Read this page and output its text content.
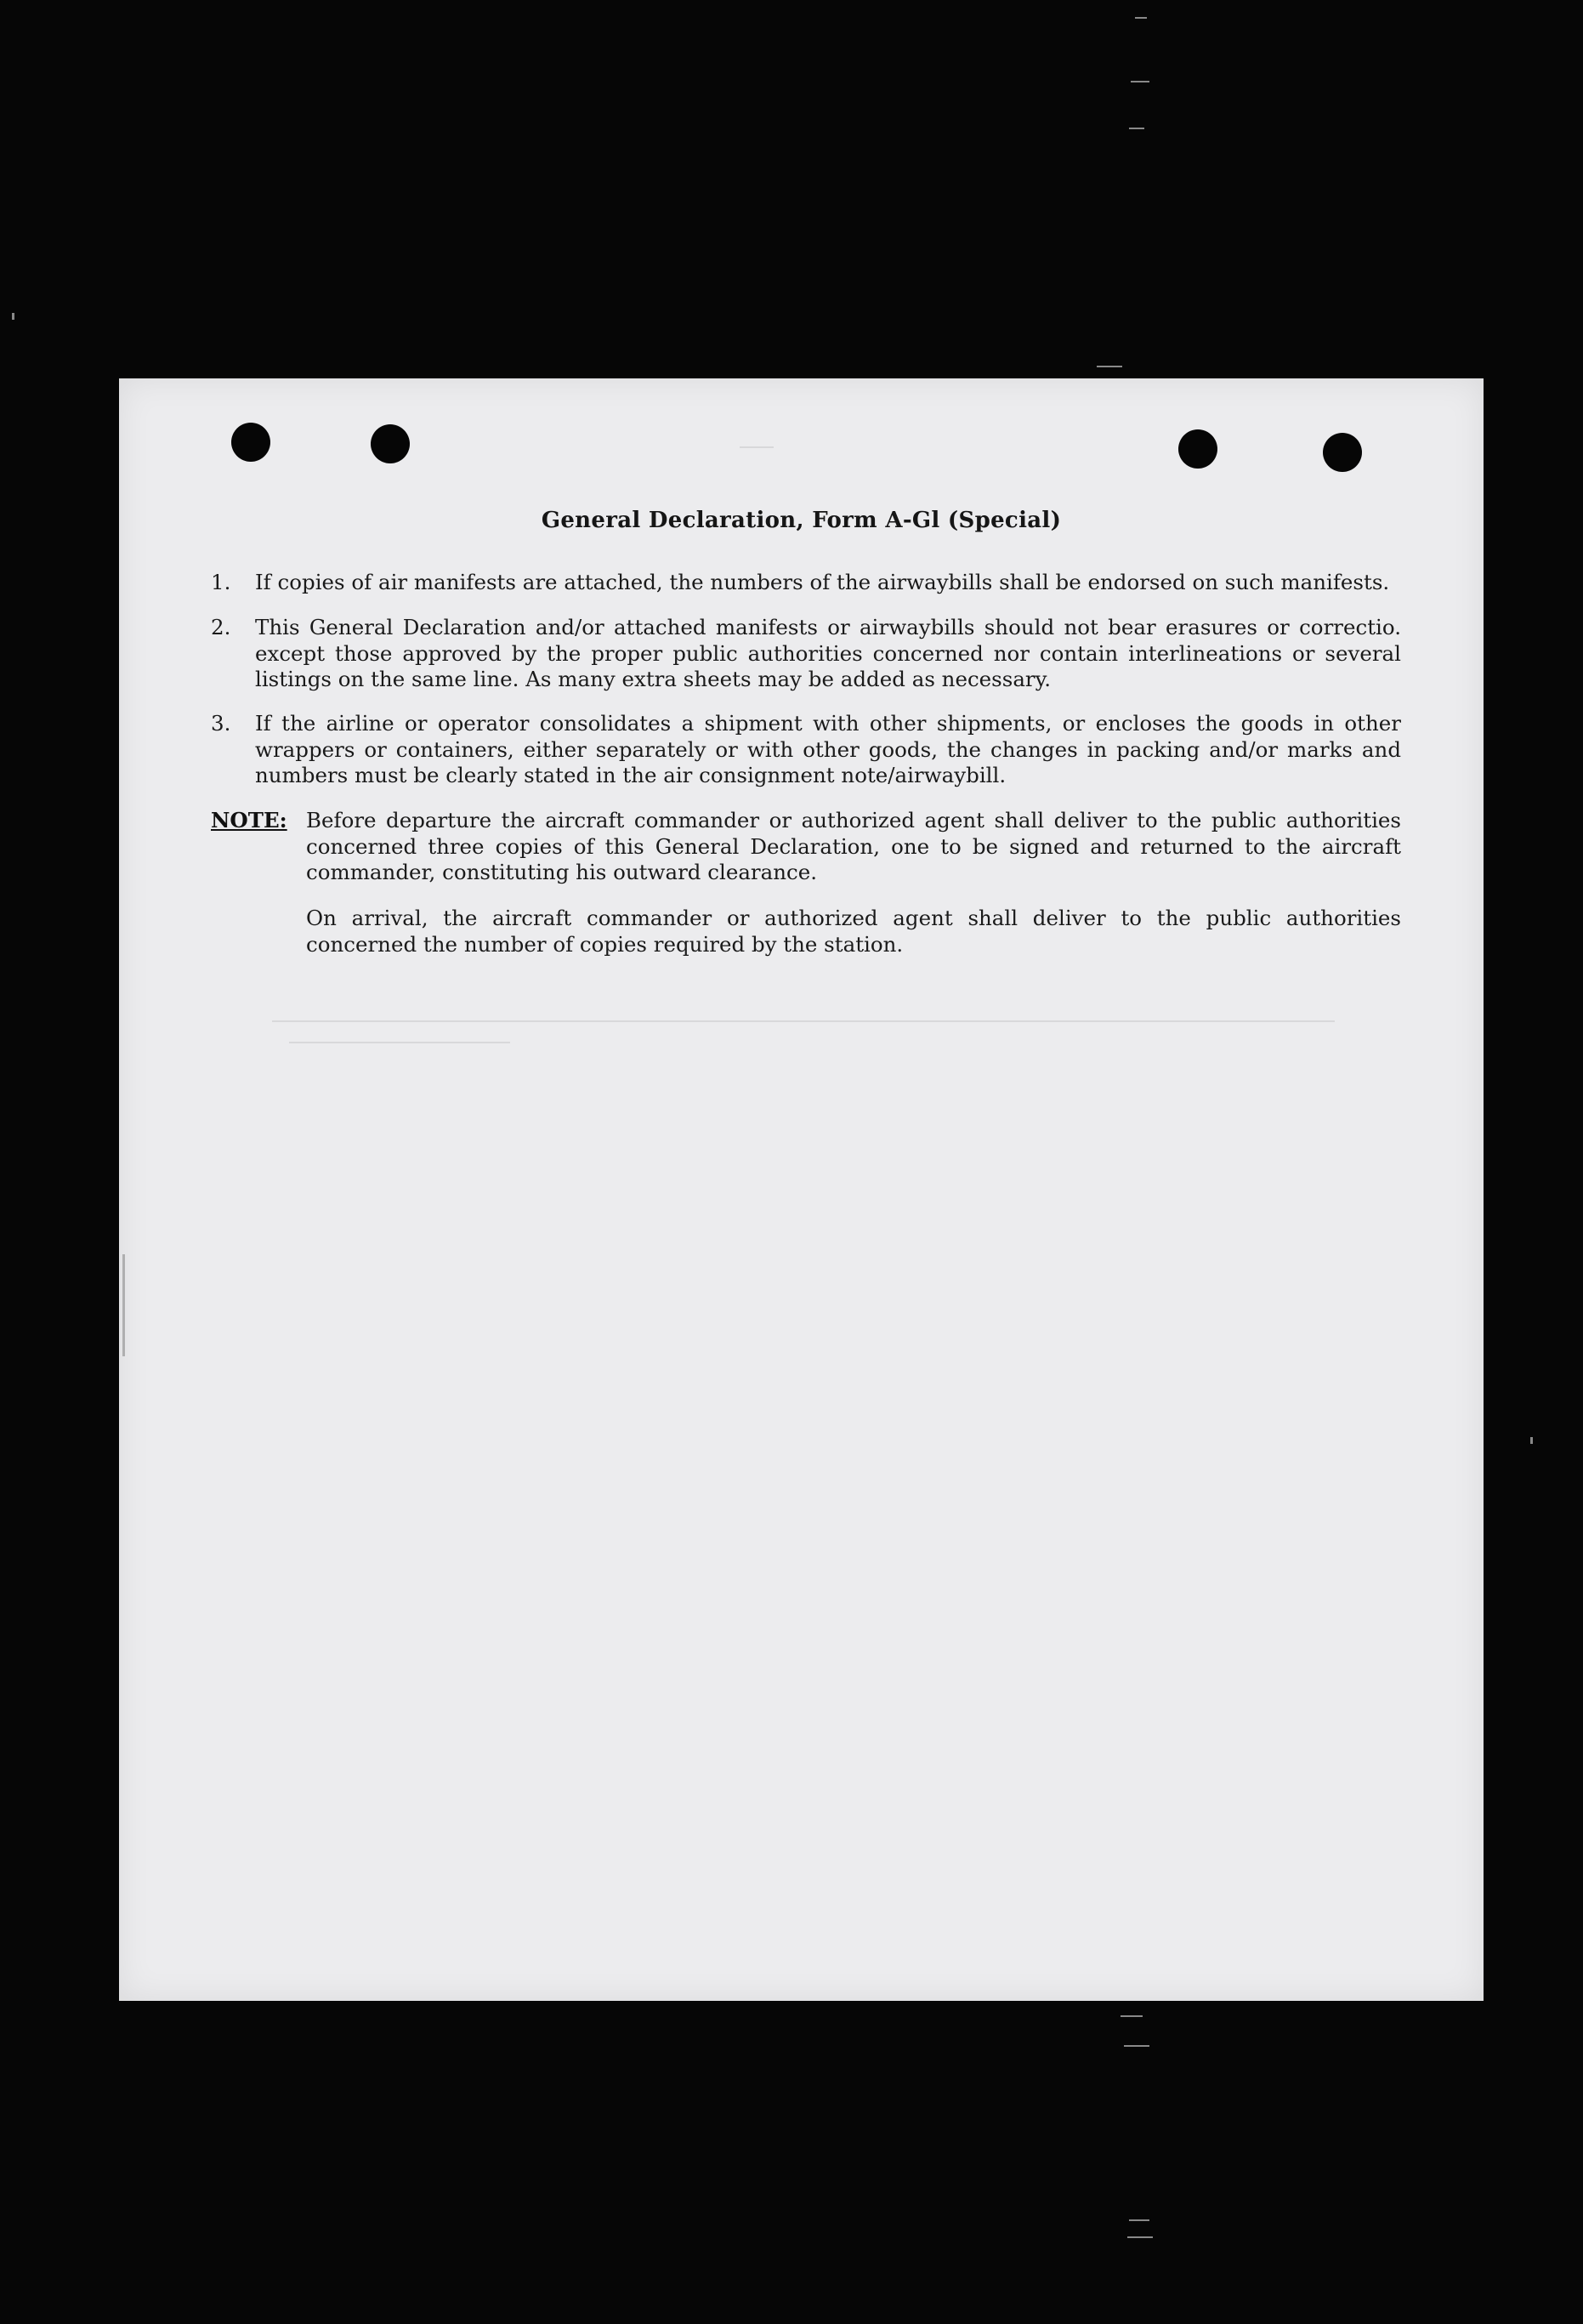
General Declaration, Form A-Gl (Special)
1. If copies of air manifests are attached, the numbers of the airwaybills shall be endorsed on such manifests.
2. This General Declaration and/or attached manifests or airwaybills should not bear erasures or correctio. except those approved by the proper public authorities concerned nor contain interlineations or several listings on the same line. As many extra sheets may be added as necessary.
3. If the airline or operator consolidates a shipment with other shipments, or encloses the goods in other wrappers or containers, either separately or with other goods, the changes in packing and/or marks and numbers must be clearly stated in the air consignment note/airwaybill.
NOTE: Before departure the aircraft commander or authorized agent shall deliver to the public authorities concerned three copies of this General Declaration, one to be signed and returned to the aircraft commander, constituting his outward clearance.
On arrival, the aircraft commander or authorized agent shall deliver to the public authorities concerned the number of copies required by the station.
